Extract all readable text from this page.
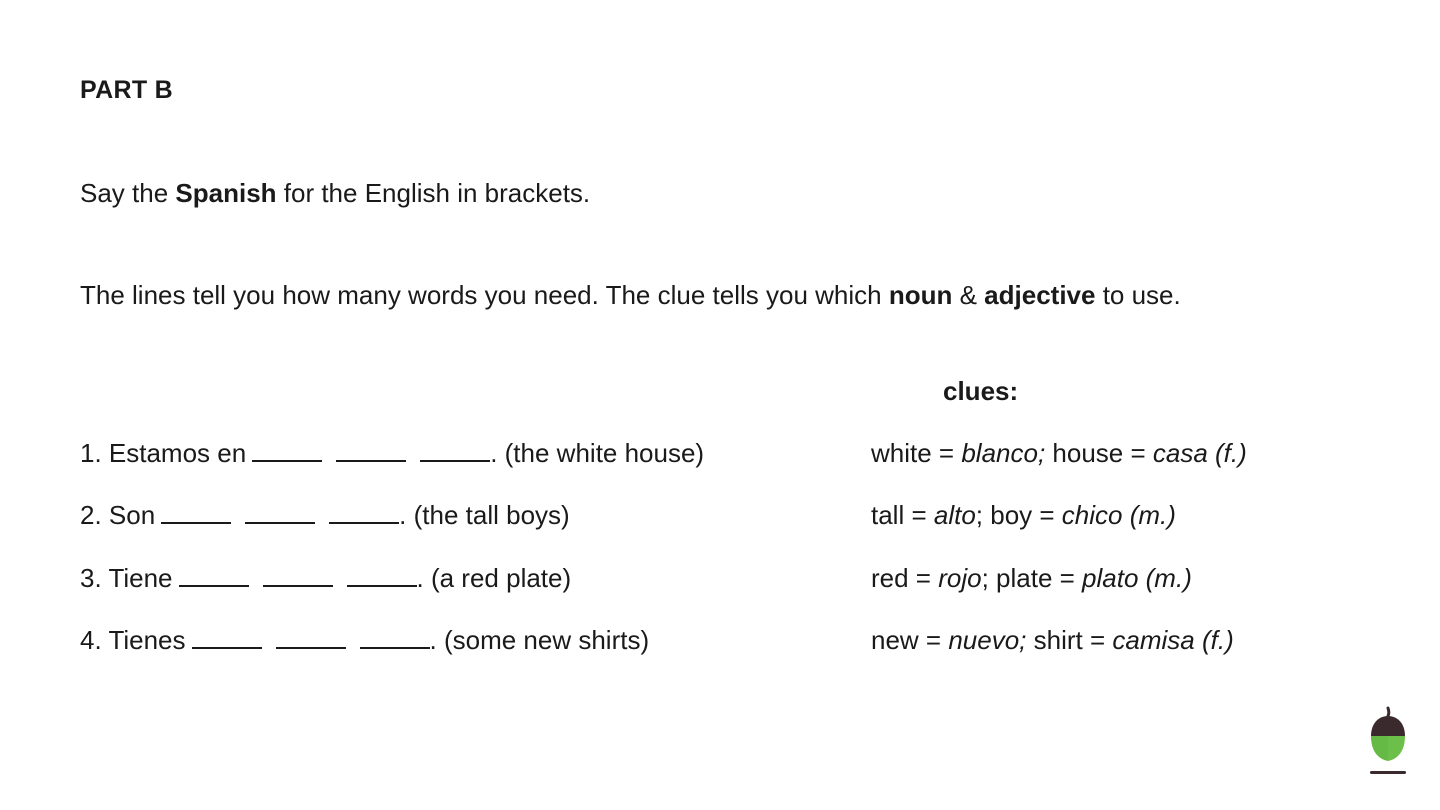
PART B
Say the Spanish for the English in brackets.
The lines tell you how many words you need. The clue tells you which noun & adjective to use.
clues:
1. Estamos en	. (the white house)	white = blanco; house = casa (f.)
2. Son	. (the tall boys)	tall = alto; boy = chico (m.)
3. Tiene	. (a red plate)	red = rojo; plate = plato (m.)
4. Tienes	. (some new shirts)	new = nuevo; shirt = camisa (f.)
